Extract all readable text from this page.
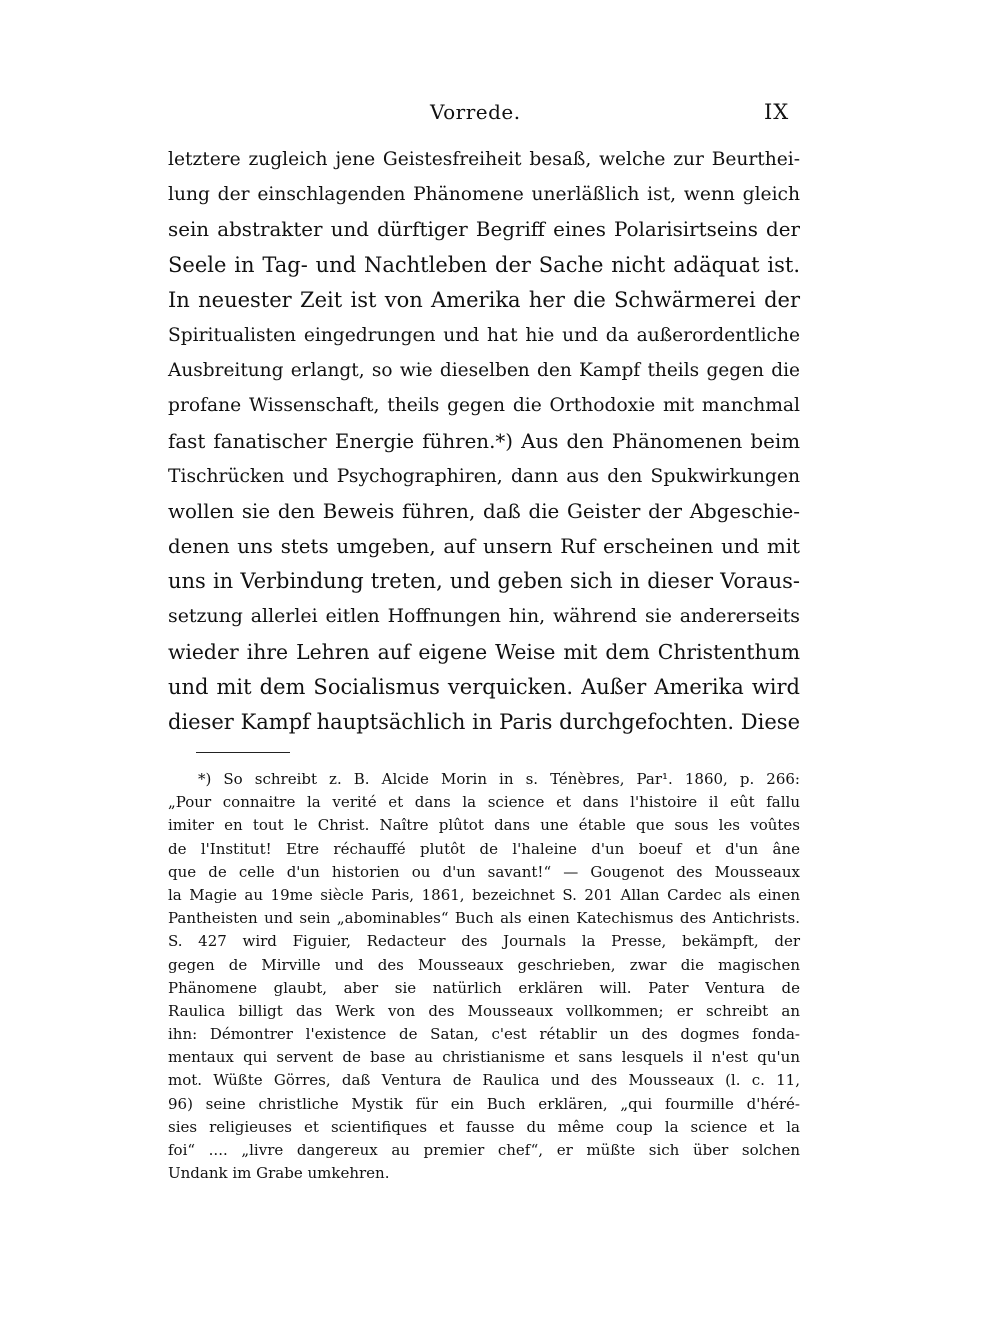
Vorrede.	IX
letztere zugleich jene Geistesfreiheit besaß, welche zur Beurthei-
lung der einschlagenden Phänomene unerläßlich ist, wenn gleich
sein abstrakter und dürftiger Begriff eines Polarisirtseins der
Seele in Tag- und Nachtleben der Sache nicht adäquat ist.
In neuester Zeit ist von Amerika her die Schwärmerei der
Spiritualisten eingedrungen und hat hie und da außerordentliche
Ausbreitung erlangt, so wie dieselben den Kampf theils gegen die
profane Wissenschaft, theils gegen die Orthodoxie mit manchmal
fast fanatischer Energie führen.*) Aus den Phänomenen beim
Tischrücken und Psychographiren, dann aus den Spukwirkungen
wollen sie den Beweis führen, daß die Geister der Abgeschie-
denen uns stets umgeben, auf unsern Ruf erscheinen und mit
uns in Verbindung treten, und geben sich in dieser Voraus-
setzung allerlei eitlen Hoffnungen hin, während sie andererseits
wieder ihre Lehren auf eigene Weise mit dem Christenthum
und mit dem Socialismus verquicken. Außer Amerika wird
dieser Kampf hauptsächlich in Paris durchgefochten. Diese
*) So schreibt z. B. Alcide Morin in s. Ténèbres, Par¹. 1860, p. 266:
„Pour connaitre la verité et dans la science et dans l'histoire il eût fallu
imiter en tout le Christ. Naître plûtot dans une étable que sous les voûtes
de l'Institut! Etre réchauffé plutôt de l'haleine d'un boeuf et d'un âne
que de celle d'un historien ou d'un savant!“ — Gougenot des Mousseaux
la Magie au 19me siècle Paris, 1861, bezeichnet S. 201 Allan Cardec als einen
Pantheisten und sein „abominables“ Buch als einen Katechismus des Antichrists.
S. 427 wird Figuier, Redacteur des Journals la Presse, bekämpft, der
gegen de Mirville und des Mousseaux geschrieben, zwar die magischen
Phänomene glaubt, aber sie natürlich erklären will. Pater Ventura de
Raulica billigt das Werk von des Mousseaux vollkommen; er schreibt an
ihn: Démontrer l'existence de Satan, c'est rétablir un des dogmes fonda-
mentaux qui servent de base au christianisme et sans lesquels il n'est qu'un
mot. Wüßte Görres, daß Ventura de Raulica und des Mousseaux (l. c. 11,
96) seine christliche Mystik für ein Buch erklären, „qui fourmille d'héré-
sies religieuses et scientifiques et fausse du même coup la science et la
foi“ .... „livre dangereux au premier chef“, er müßte sich über solchen
Undank im Grabe umkehren.
